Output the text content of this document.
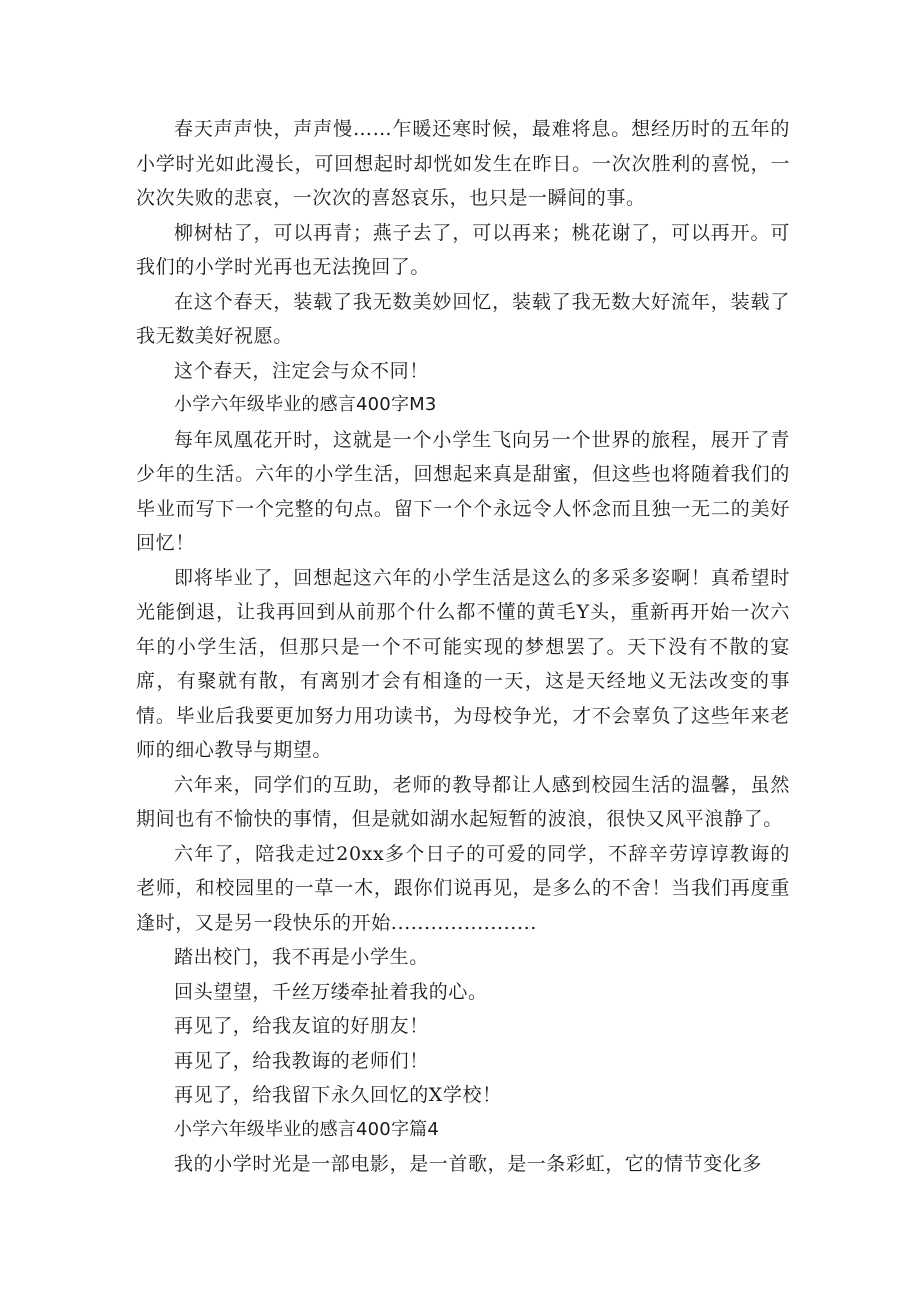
春天声声快，声声慢……乍暖还寒时候，最难将息。想经历时的五年的小学时光如此漫长，可回想起时却恍如发生在昨日。一次次胜利的喜悦，一次次失败的悲哀，一次次的喜怒哀乐，也只是一瞬间的事。

柳树枯了，可以再青；燕子去了，可以再来；桃花谢了，可以再开。可我们的小学时光再也无法挽回了。

在这个春天，装载了我无数美妙回忆，装载了我无数大好流年，装载了我无数美好祝愿。

这个春天，注定会与众不同！

小学六年级毕业的感言400字M3

每年凤凰花开时，这就是一个小学生飞向另一个世界的旅程，展开了青少年的生活。六年的小学生活，回想起来真是甜蜜，但这些也将随着我们的毕业而写下一个完整的句点。留下一个个永远令人怀念而且独一无二的美好回忆！

即将毕业了，回想起这六年的小学生活是这么的多采多姿啊！真希望时光能倒退，让我再回到从前那个什么都不懂的黄毛Y头，重新再开始一次六年的小学生活，但那只是一个不可能实现的梦想罢了。天下没有不散的宴席，有聚就有散，有离别才会有相逢的一天，这是天经地义无法改变的事情。毕业后我要更加努力用功读书，为母校争光，才不会辜负了这些年来老师的细心教导与期望。

六年来，同学们的互助，老师的教导都让人感到校园生活的温馨，虽然期间也有不愉快的事情，但是就如湖水起短暂的波浪，很快又风平浪静了。

六年了，陪我走过20xx多个日子的可爱的同学，不辞辛劳谆谆教诲的老师，和校园里的一草一木，跟你们说再见，是多么的不舍！当我们再度重逢时，又是另一段快乐的开始......................

踏出校门，我不再是小学生。

回头望望，千丝万缕牵扯着我的心。

再见了，给我友谊的好朋友！

再见了，给我教诲的老师们！

再见了，给我留下永久回忆的X学校！

小学六年级毕业的感言400字篇4

我的小学时光是一部电影，是一首歌，是一条彩虹，它的情节变化多
